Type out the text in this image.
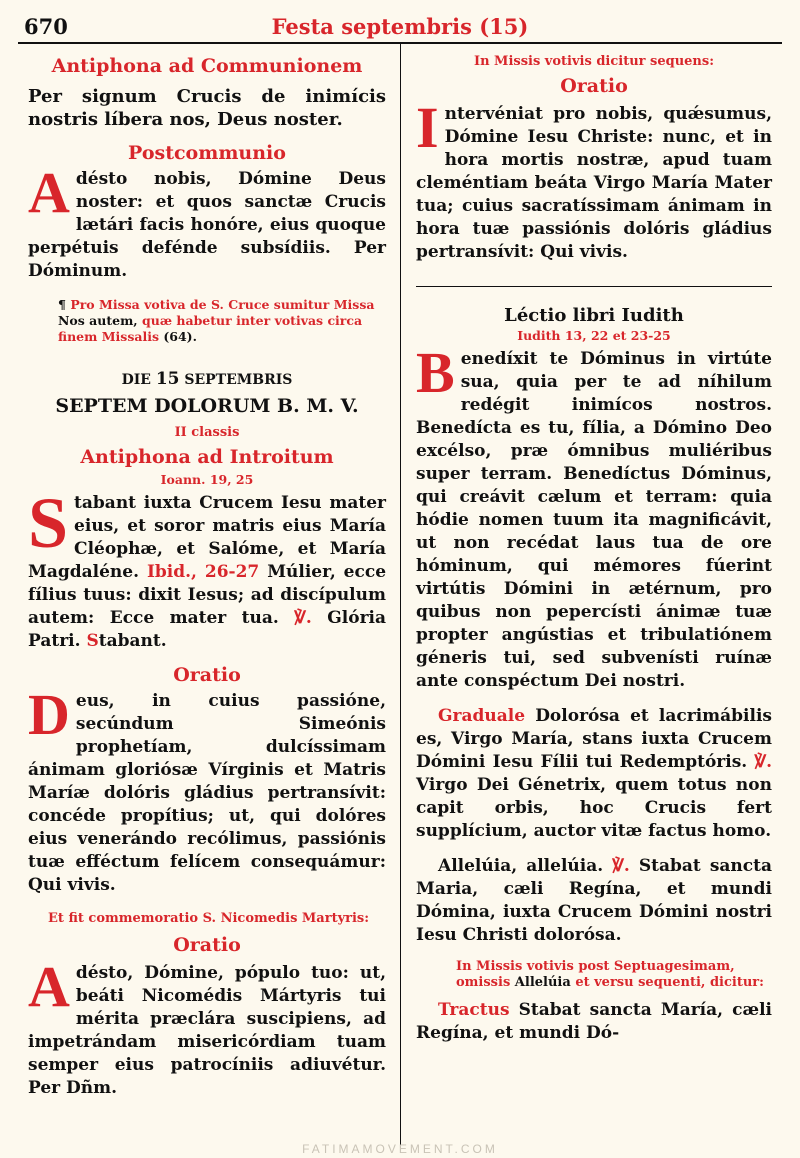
670	Festa septembris (15)
Antiphona ad Communionem

Per signum Crucis de inimícis nostris líbera nos, Deus noster.

Postcommunio

Adésto nobis, Dómine Deus noster: et quos sanctæ Crucis lætári facis honóre, eius quoque perpétuis defénde subsídiis. Per Dóminum.

¶ Pro Missa votiva de S. Cruce sumitur Missa Nos autem, quæ habetur inter votivas circa finem Missalis (64).

DIE 15 SEPTEMBRIS

SEPTEM DOLORUM B. M. V.

II classis
Antiphona ad Introitum
Ioann. 19, 25

Stabant iuxta Crucem Iesu mater eius, et soror matris eius María Cléophæ, et Salóme, et María Magdaléne. Ibid., 26-27 Múlier, ecce fílius tuus: dixit Iesus; ad discípulum autem: Ecce mater tua. ℣. Glória Patri. Stabant.

Oratio

Deus, in cuius passióne, secúndum Simeónis prophetíam, dulcíssimam ánimam gloriósæ Vírginis et Matris Maríæ dolóris gládius pertransívit: concéde propítius; ut, qui dolóres eius venerándo recólimus, passiónis tuæ efféctum felícem consequámur: Qui vivis.

Et fit commemoratio S. Nicomedis Martyris:

Oratio

Adésto, Dómine, pópulo tuo: ut, beáti Nicomédis Mártyris tui mérita præclára suscipiens, ad impetrándam misericórdiam tuam semper eius patrocíniis adiuvétur. Per Dñm.

In Missis votivis dicitur sequens:
Oratio

Intervéniat pro nobis, quǽsumus, Dómine Iesu Christe: nunc, et in hora mortis nostræ, apud tuam cleméntiam beáta Virgo María Mater tua; cuius sacratíssimam ánimam in hora tuæ passiónis dolóris gládius pertransívit: Qui vivis.

Léctio libri Iudith

Iudith 13, 22 et 23-25

Benedíxit te Dóminus in virtúte sua, quia per te ad níhilum redégit inimícos nostros. Benedícta es tu, fília, a Dómino Deo excélso, præ ómnibus muliéribus super terram. Benedíctus Dóminus, qui creávit cælum et terram: quia hódie nomen tuum ita magnificávit, ut non recédat laus tua de ore hóminum, qui mémores fúerint virtútis Dómini in ætérnum, pro quibus non pepercísti ánimæ tuæ propter angústias et tribulatiónem géneris tui, sed subvenísti ruínæ ante conspéctum Dei nostri.

Graduale Dolorósa et lacrimábilis es, Virgo María, stans iuxta Crucem Dómini Iesu Fílii tui Redemptóris. ℣. Virgo Dei Génetrix, quem totus non capit orbis, hoc Crucis fert supplícium, auctor vitæ factus homo.

Allelúia, allelúia. ℣. Stabat sancta Maria, cæli Regína, et mundi Dómina, iuxta Crucem Dómini nostri Iesu Christi dolorósa.

In Missis votivis post Septuagesimam, omissis Allelúia et versu sequenti, dicitur:

Tractus Stabat sancta María, cæli Regína, et mundi Dó-

FATIMAMOVEMENT.COM
